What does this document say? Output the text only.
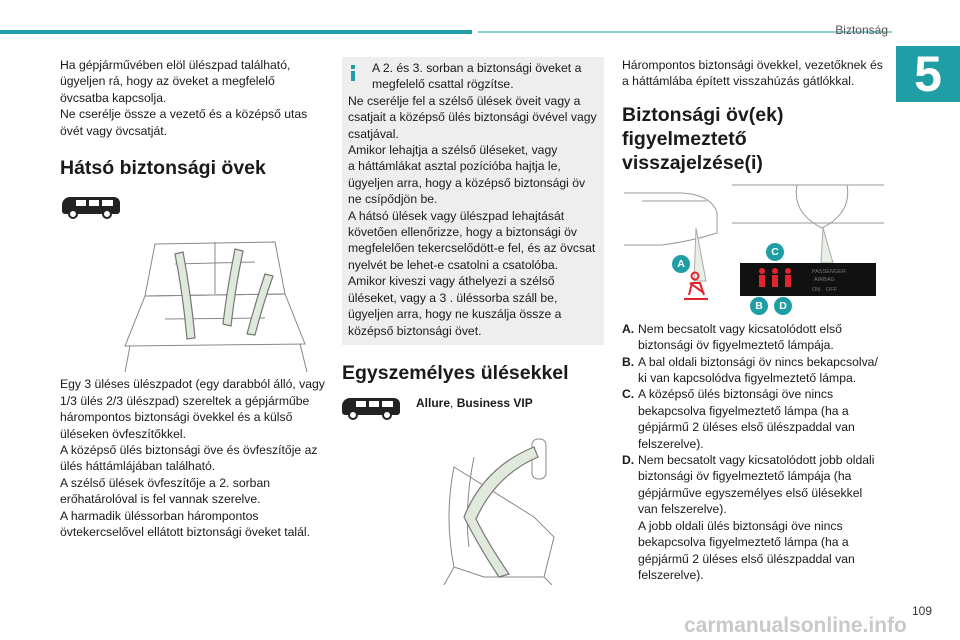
Biztonság
5

Ha gépjárművében elöl ülészpad található,

ügyeljen rá, hogy az öveket a megfelelő

övcsatba kapcsolja.

Ne cserélje össze a vezető és a középső utas

övét vagy övcsatját.

Hátsó biztonsági övek

Egy 3 üléses ülészpadot (egy darabból álló, vagy

1/3 ülés 2/3 ülészpad) szereltek a gépjárműbe

hárompontos biztonsági övekkel és a külső

üléseken övfeszítőkkel.

A középső ülés biztonsági öve és övfeszítője az

ülés háttámlájában található.

A szélső ülések övfeszítője a 2. sorban

erőhatárolóval is fel vannak szerelve.

A harmadik üléssorban hárompontos

övtekercselővel ellátott biztonsági öveket talál.

A 2. és 3. sorban a biztonsági öveket a

megfelelő csattal rögzítse.

Ne cserélje fel a szélső ülések öveit vagy a

csatjait a középső ülés biztonsági övével vagy

csatjával.

Amikor lehajtja a szélső üléseket, vagy

a háttámlákat asztal pozícióba hajtja le,

ügyeljen arra, hogy a középső biztonsági öv

ne csípődjön be.

A hátsó ülések vagy ülészpad lehajtását

követően ellenőrizze, hogy a biztonsági öv

megfelelően tekercselődött-e fel, és az övcsat

nyelvét be lehet-e csatolni a csatolóba.

Amikor kiveszi vagy áthelyezi a szélső

üléseket, vagy a 3 . üléssorba száll be,

ügyeljen arra, hogy ne kuszálja össze a

középső biztonsági övet.

Egyszemélyes ülésekkel
Allure, Business VIP

Hárompontos biztonsági övekkel, vezetőknek és

a háttámlába épített visszahúzás gátlókkal.

Biztonsági öv(ek)
figyelmeztető
visszajelzése(i)
PASSENGER
AIRBAG
ON OFF
A
C
B	D
A. Nem becsatolt vagy kicsatolódott első

biztonsági öv figyelmeztető lámpája.

B. A bal oldali biztonsági öv nincs bekapcsolva/

ki van kapcsolódva figyelmeztető lámpa.

C. A középső ülés biztonsági öve nincs

bekapcsolva figyelmeztető lámpa (ha a

gépjármű 2 üléses első ülészpaddal van

felszerelve).

D. Nem becsatolt vagy kicsatolódott jobb oldali

biztonsági öv figyelmeztető lámpája (ha

gépjárműve egyszemélyes első ülésekkel

van felszerelve).

A jobb oldali ülés biztonsági öve nincs

bekapcsolva figyelmeztető lámpa (ha a

gépjármű 2 üléses első ülészpaddal van

felszerelve).

109
carmanualsonline.info
